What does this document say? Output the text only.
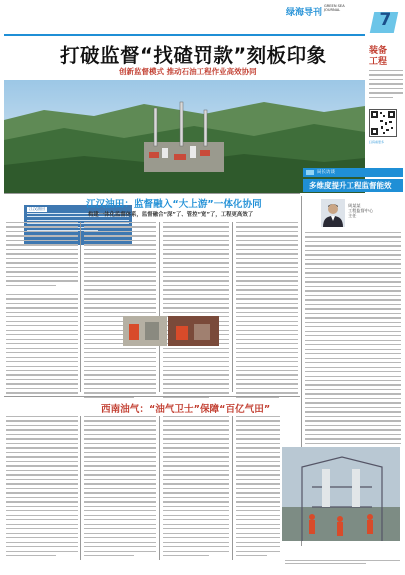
绿海导刊
GREEN SEA
JOURNAL 7
打破监督“找碴罚款”刻板印象
创新监督模式 推动石油工程作业高效协同
江汉油田
装备
工程
扫码看更多
局长访谈
多维度提升工程监督能效
周某某
工程监督中心
主任
江汉油田：监督融入“大上游”一体化协同
构建一体化监督体系，监督融合“深”了、管控“宽”了，工程更高效了
西南油气：“油气卫士”保障“百亿气田”
